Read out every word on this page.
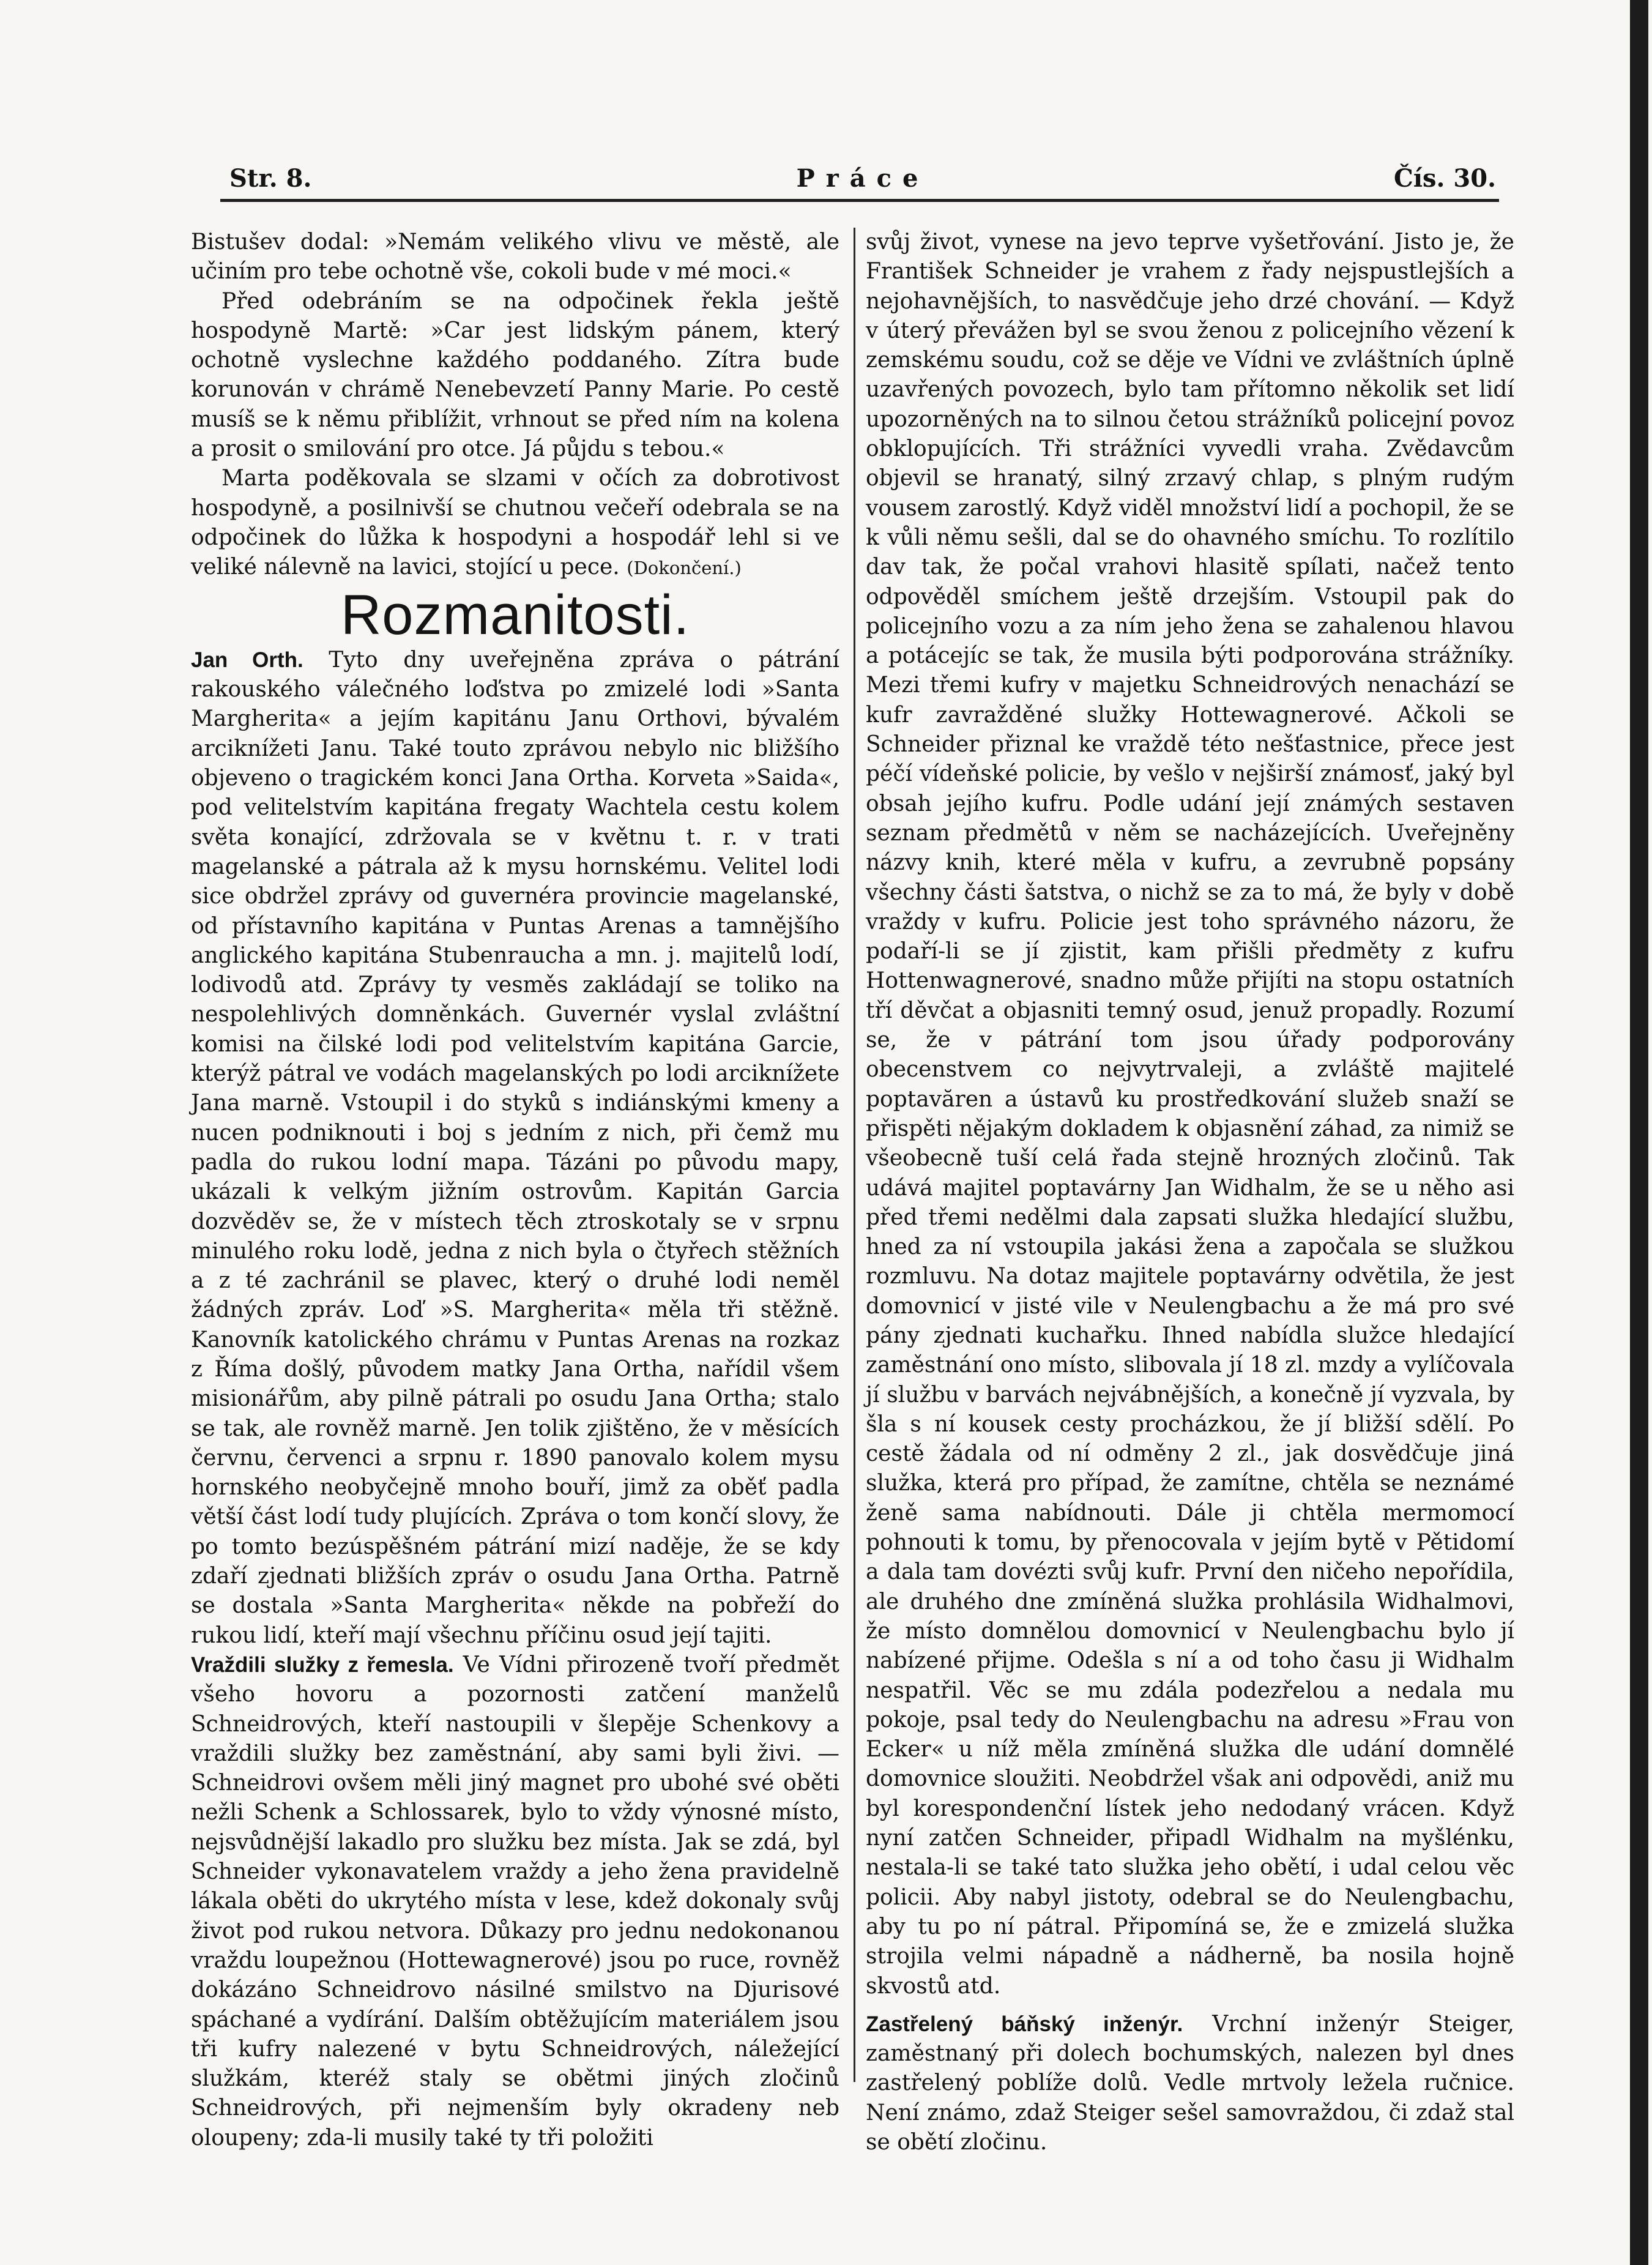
Str. 8.	Práce	Čís. 30.

Bistušev dodal: »Nemám velikého vlivu ve městě, ale učiním pro tebe ochotně vše, cokoli bude v mé moci.«

Před odebráním se na odpočinek řekla ještě hospodyně Martě: »Car jest lidským pánem, který ochotně vyslechne každého poddaného. Zítra bude korunován v chrámě Nenebevzetí Panny Marie. Po cestě musíš se k němu přiblížit, vrhnout se před ním na kolena a prosit o smilování pro otce. Já půjdu s tebou.«

Marta poděkovala se slzami v očích za dobrotivost hospodyně, a posilnivší se chutnou večeří odebrala se na odpočinek do lůžka k hospodyni a hospodář lehl si ve veliké nálevně na lavici, stojící u pece. (Dokončení.)

Rozmanitosti.

Jan Orth. Tyto dny uveřejněna zpráva o pátrání rakouského válečného loďstva po zmizelé lodi »Santa Margherita« a jejím kapitánu Janu Orthovi, bývalém arciknížeti Janu. Také touto zprávou nebylo nic bližšího objeveno o tragickém konci Jana Ortha. Korveta »Saida«, pod velitelstvím kapitána fregaty Wachtela cestu kolem světa konající, zdržovala se v květnu t. r. v trati magelanské a pátrala až k mysu hornskému. Velitel lodi sice obdržel zprávy od guvernéra provincie magelanské, od přístavního kapitána v Puntas Arenas a tamnějšího anglického kapitána Stubenraucha a mn. j. majitelů lodí, lodivodů atd. Zprávy ty vesměs zakládají se toliko na nespolehlivých domněnkách. Guvernér vyslal zvláštní komisi na čilské lodi pod velitelstvím kapitána Garcie, kterýž pátral ve vodách magelanských po lodi arciknížete Jana marně. Vstoupil i do styků s indiánskými kmeny a nucen podniknouti i boj s jedním z nich, při čemž mu padla do rukou lodní mapa. Tázáni po původu mapy, ukázali k velkým jižním ostrovům. Kapitán Garcia dozvěděv se, že v místech těch ztroskotaly se v srpnu minulého roku lodě, jedna z nich byla o čtyřech stěžních a z té zachránil se plavec, který o druhé lodi neměl žádných zpráv. Loď »S. Margherita« měla tři stěžně. Kanovník katolického chrámu v Puntas Arenas na rozkaz z Říma došlý, původem matky Jana Ortha, nařídil všem misionářům, aby pilně pátrali po osudu Jana Ortha; stalo se tak, ale rovněž marně. Jen tolik zjištěno, že v měsících červnu, červenci a srpnu r. 1890 panovalo kolem mysu hornského neobyčejně mnoho bouří, jimž za oběť padla větší část lodí tudy plujících. Zpráva o tom končí slovy, že po tomto bezúspěšném pátrání mizí naděje, že se kdy zdaří zjednati bližších zpráv o osudu Jana Ortha. Patrně se dostala »Santa Margherita« někde na pobřeží do rukou lidí, kteří mají všechnu příčinu osud její tajiti.

Vraždili služky z řemesla. Ve Vídni přirozeně tvoří předmět všeho hovoru a pozornosti zatčení manželů Schneidrových, kteří nastoupili v šlepěje Schenkovy a vraždili služky bez zaměstnání, aby sami byli živi. — Schneidrovi ovšem měli jiný magnet pro ubohé své oběti nežli Schenk a Schlossarek, bylo to vždy výnosné místo, nejsvůdnější lakadlo pro služku bez místa. Jak se zdá, byl Schneider vykonavatelem vraždy a jeho žena pravidelně lákala oběti do ukrytého místa v lese, kdež dokonaly svůj život pod rukou netvora. Důkazy pro jednu nedokonanou vraždu loupežnou (Hottewagnerové) jsou po ruce, rovněž dokázáno Schneidrovo násilné smilstvo na Djurisové spáchané a vydírání. Dalším obtěžujícím materiálem jsou tři kufry nalezené v bytu Schneidrových, náležející služkám, kteréž staly se obětmi jiných zločinů Schneidrových, při nejmenším byly okradeny neb oloupeny; zda-li musily také ty tři položiti

svůj život, vynese na jevo teprve vyšetřování. Jisto je, že František Schneider je vrahem z řady nejspustlejších a nejohavnějších, to nasvědčuje jeho drzé chování. — Když v úterý převážen byl se svou ženou z policejního vězení k zemskému soudu, což se děje ve Vídni ve zvláštních úplně uzavřených povozech, bylo tam přítomno několik set lidí upozorněných na to silnou četou strážníků policejní povoz obklopujících. Tři strážníci vyvedli vraha. Zvědavcům objevil se hranatý, silný zrzavý chlap, s plným rudým vousem zarostlý. Když viděl množství lidí a pochopil, že se k vůli němu sešli, dal se do ohavného smíchu. To rozlítilo dav tak, že počal vrahovi hlasitě spílati, načež tento odpověděl smíchem ještě drzejším. Vstoupil pak do policejního vozu a za ním jeho žena se zahalenou hlavou a potácejíc se tak, že musila býti podporována strážníky. Mezi třemi kufry v majetku Schneidrových nenachází se kufr zavražděné služky Hottewagnerové. Ačkoli se Schneider přiznal ke vraždě této nešťastnice, přece jest péčí vídeňské policie, by vešlo v nejširší známosť, jaký byl obsah jejího kufru. Podle udání její známých sestaven seznam předmětů v něm se nacházejících. Uveřejněny názvy knih, které měla v kufru, a zevrubně popsány všechny části šatstva, o nichž se za to má, že byly v době vraždy v kufru. Policie jest toho správného názoru, že podaří-li se jí zjistit, kam přišli předměty z kufru Hottenwagnerové, snadno může přijíti na stopu ostatních tří děvčat a objasniti temný osud, jenuž propadly. Rozumí se, že v pátrání tom jsou úřady podporovány obecenstvem co nejvytrvaleji, a zvláště majitelé poptavăren a ústavů ku prostředkování služeb snaží se přispěti nějakým dokladem k objasnění záhad, za nimiž se všeobecně tuší celá řada stejně hrozných zločinů. Tak udává majitel poptavárny Jan Widhalm, že se u něho asi před třemi nedělmi dala zapsati služka hledající službu, hned za ní vstoupila jakási žena a započala se služkou rozmluvu. Na dotaz majitele poptavárny odvětila, že jest domovnicí v jisté vile v Neulengbachu a že má pro své pány zjednati kuchařku. Ihned nabídla služce hledající zaměstnání ono místo, slibovala jí 18 zl. mzdy a vylíčovala jí službu v barvách nejvábnějších, a konečně jí vyzvala, by šla s ní kousek cesty procházkou, že jí bližší sdělí. Po cestě žádala od ní odměny 2 zl., jak dosvědčuje jiná služka, která pro případ, že zamítne, chtěla se neznámé ženě sama nabídnouti. Dále ji chtěla mermomocí pohnouti k tomu, by přenocovala v jejím bytě v Pětidomí a dala tam dovézti svůj kufr. První den ničeho nepořídila, ale druhého dne zmíněná služka prohlásila Widhalmovi, že místo domnělou domovnicí v Neulengbachu bylo jí nabízené přijme. Odešla s ní a od toho času ji Widhalm nespatřil. Věc se mu zdála podezřelou a nedala mu pokoje, psal tedy do Neulengbachu na adresu »Frau von Ecker« u níž měla zmíněná služka dle udání domnělé domovnice sloužiti. Neobdržel však ani odpovědi, aniž mu byl korespondenční lístek jeho nedodaný vrácen. Když nyní zatčen Schneider, připadl Widhalm na myšlénku, nestala-li se také tato služka jeho obětí, i udal celou věc policii. Aby nabyl jistoty, odebral se do Neulengbachu, aby tu po ní pátral. Připomíná se, že e zmizelá služka strojila velmi nápadně a nádherně, ba nosila hojně skvostů atd.

Zastřelený báňský inženýr. Vrchní inženýr Steiger, zaměstnaný při dolech bochumských, nalezen byl dnes zastřelený poblíže dolů. Vedle mrtvoly ležela ručnice. Není známo, zdaž Steiger sešel samovraždou, či zdaž stal se obětí zločinu.
